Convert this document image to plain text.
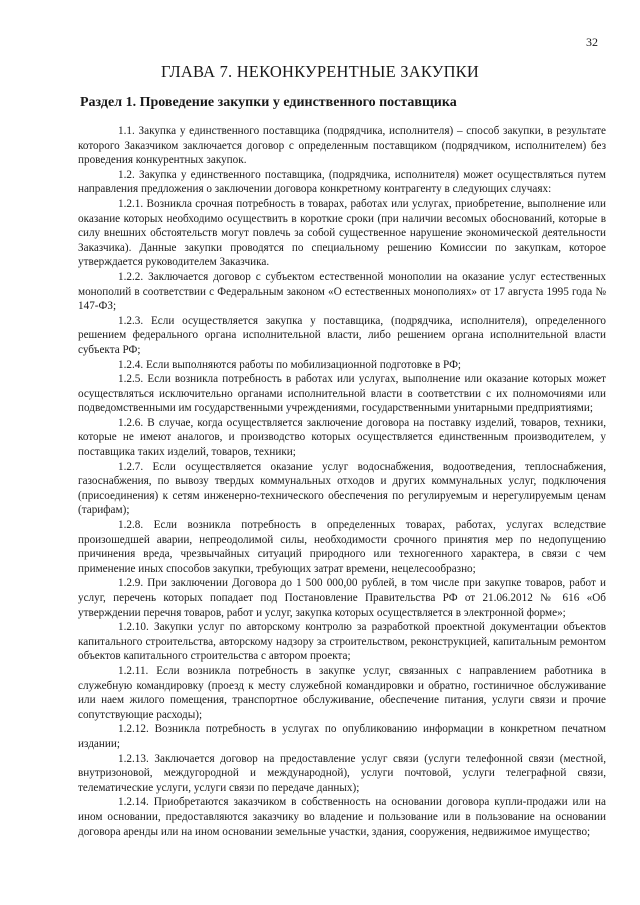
32
ГЛАВА 7. НЕКОНКУРЕНТНЫЕ ЗАКУПКИ
Раздел 1. Проведение закупки у единственного поставщика

1.1. Закупка у единственного поставщика (подрядчика, исполнителя) – способ закупки, в результате которого Заказчиком заключается договор с определенным поставщиком (подрядчиком, исполнителем) без проведения конкурентных закупок.

1.2. Закупка у единственного поставщика, (подрядчика, исполнителя) может осуществляться путем направления предложения о заключении договора конкретному контрагенту в следующих случаях:

1.2.1. Возникла срочная потребность в товарах, работах или услугах, приобретение, выполнение или оказание которых необходимо осуществить в короткие сроки (при наличии весомых обоснований, которые в силу внешних обстоятельств могут повлечь за собой существенное нарушение экономической деятельности Заказчика). Данные закупки проводятся по специальному решению Комиссии по закупкам, которое утверждается руководителем Заказчика.

1.2.2. Заключается договор с субъектом естественной монополии на оказание услуг естественных монополий в соответствии с Федеральным законом «О естественных монополиях» от 17 августа 1995 года № 147-ФЗ;

1.2.3. Если осуществляется закупка у поставщика, (подрядчика, исполнителя), определенного решением федерального органа исполнительной власти, либо решением органа исполнительной власти субъекта РФ;

1.2.4. Если выполняются работы по мобилизационной подготовке в РФ;

1.2.5. Если возникла потребность в работах или услугах, выполнение или оказание которых может осуществляться исключительно органами исполнительной власти в соответствии с их полномочиями или подведомственными им государственными учреждениями, государственными унитарными предприятиями;

1.2.6. В случае, когда осуществляется заключение договора на поставку изделий, товаров, техники, которые не имеют аналогов, и производство которых осуществляется единственным производителем, у поставщика таких изделий, товаров, техники;

1.2.7. Если осуществляется оказание услуг водоснабжения, водоотведения, теплоснабжения, газоснабжения, по вывозу твердых коммунальных отходов и других коммунальных услуг, подключения (присоединения) к сетям инженерно-технического обеспечения по регулируемым и нерегулируемым ценам (тарифам);

1.2.8. Если возникла потребность в определенных товарах, работах, услугах вследствие произошедшей аварии, непреодолимой силы, необходимости срочного принятия мер по недопущению причинения вреда, чрезвычайных ситуаций природного или техногенного характера, в связи с чем применение иных способов закупки, требующих затрат времени, нецелесообразно;

1.2.9. При заключении Договора до 1 500 000,00 рублей, в том числе при закупке товаров, работ и услуг, перечень которых попадает под Постановление Правительства РФ от 21.06.2012 № 616 «Об утверждении перечня товаров, работ и услуг, закупка которых осуществляется в электронной форме»;

1.2.10. Закупки услуг по авторскому контролю за разработкой проектной документации объектов капитального строительства, авторскому надзору за строительством, реконструкцией, капитальным ремонтом объектов капитального строительства с автором проекта;

1.2.11. Если возникла потребность в закупке услуг, связанных с направлением работника в служебную командировку (проезд к месту служебной командировки и обратно, гостиничное обслуживание или наем жилого помещения, транспортное обслуживание, обеспечение питания, услуги связи и прочие сопутствующие расходы);

1.2.12. Возникла потребность в услугах по опубликованию информации в конкретном печатном издании;

1.2.13. Заключается договор на предоставление услуг связи (услуги телефонной связи (местной, внутризоновой, междугородной и международной), услуги почтовой, услуги телеграфной связи, телематические услуги, услуги связи по передаче данных);

1.2.14. Приобретаются заказчиком в собственность на основании договора купли-продажи или на ином основании, предоставляются заказчику во владение и пользование или в пользование на основании договора аренды или на ином основании земельные участки, здания, сооружения, недвижимое имущество;
